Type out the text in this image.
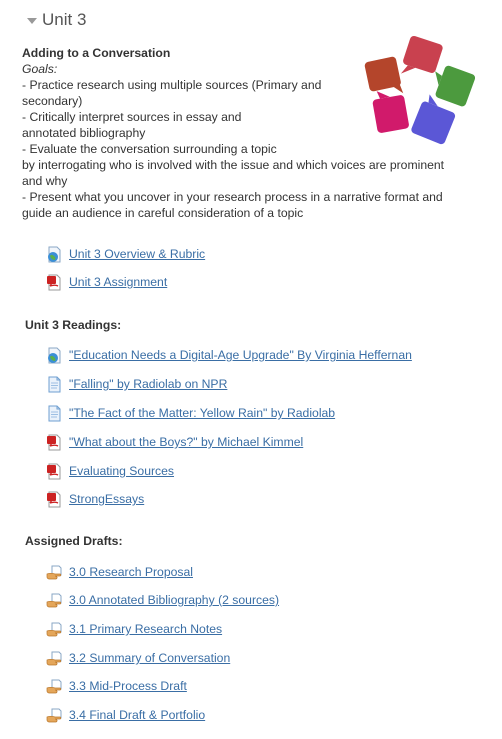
Unit 3

Adding to a Conversation

Goals:

- Practice research using multiple sources (Primary and

secondary)

- Critically interpret sources in essay and

annotated bibliography

- Evaluate the conversation surrounding a topic

by interrogating who is involved with the issue and which voices are prominent

and why

- Present what you uncover in your research process in a narrative format and

guide an audience in careful consideration of a topic

Unit 3 Overview & Rubric
Unit 3 Assignment
Unit 3 Readings:
"Education Needs a Digital-Age Upgrade" By Virginia Heffernan
"Falling" by Radiolab on NPR
"The Fact of the Matter: Yellow Rain" by Radiolab
"What about the Boys?" by Michael Kimmel
Evaluating Sources
StrongEssays
Assigned Drafts:
3.0 Research Proposal
3.0 Annotated Bibliography (2 sources)
3.1 Primary Research Notes
3.2 Summary of Conversation
3.3 Mid-Process Draft
3.4 Final Draft & Portfolio
